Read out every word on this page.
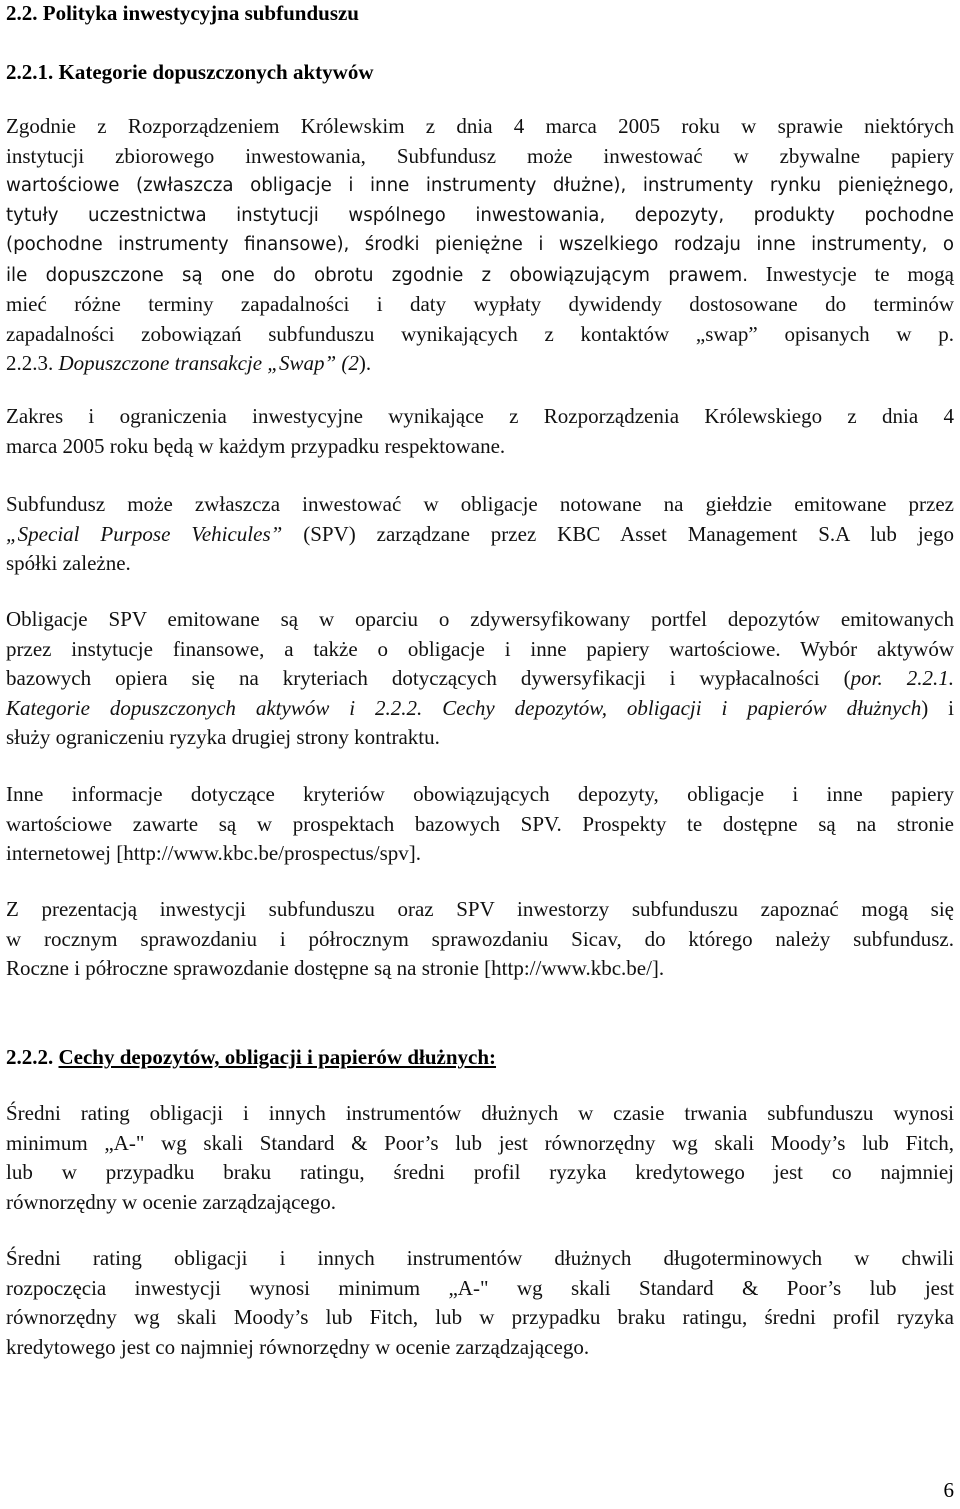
2.2. Polityka inwestycyjna subfunduszu
2.2.1. Kategorie dopuszczonych aktywów
Zgodnie z Rozporządzeniem Królewskim z dnia 4 marca 2005 roku w sprawie niektórych
instytucji zbiorowego inwestowania, Subfundusz może inwestować w zbywalne papiery
wartościowe (zwłaszcza obligacje i inne instrumenty dłużne), instrumenty rynku pieniężnego,
tytuły uczestnictwa instytucji wspólnego inwestowania, depozyty, produkty pochodne
(pochodne instrumenty finansowe), środki pieniężne i wszelkiego rodzaju inne instrumenty, o
ile dopuszczone są one do obrotu zgodnie z obowiązującym prawem. Inwestycje te mogą
mieć różne terminy zapadalności i daty wypłaty dywidendy dostosowane do terminów
zapadalności zobowiązań subfunduszu wynikających z kontaktów „swap” opisanych w p.
2.2.3. Dopuszczone transakcje „Swap” (2).
Zakres i ograniczenia inwestycyjne wynikające z Rozporządzenia Królewskiego z dnia 4
marca 2005 roku będą w każdym przypadku respektowane.
Subfundusz może zwłaszcza inwestować w obligacje notowane na giełdzie emitowane przez
„Special Purpose Vehicules” (SPV) zarządzane przez KBC Asset Management S.A lub jego
spółki zależne.
Obligacje SPV emitowane są w oparciu o zdywersyfikowany portfel depozytów emitowanych
przez instytucje finansowe, a także o obligacje i inne papiery wartościowe. Wybór aktywów
bazowych opiera się na kryteriach dotyczących dywersyfikacji i wypłacalności (por. 2.2.1.
Kategorie dopuszczonych aktywów i 2.2.2. Cechy depozytów, obligacji i papierów dłużnych) i
służy ograniczeniu ryzyka drugiej strony kontraktu.
Inne informacje dotyczące kryteriów obowiązujących depozyty, obligacje i inne papiery
wartościowe zawarte są w prospektach bazowych SPV. Prospekty te dostępne są na stronie
internetowej [http://www.kbc.be/prospectus/spv].
Z prezentacją inwestycji subfunduszu oraz SPV inwestorzy subfunduszu zapoznać mogą się
w rocznym sprawozdaniu i półrocznym sprawozdaniu Sicav, do którego należy subfundusz.
Roczne i półroczne sprawozdanie dostępne są na stronie [http://www.kbc.be/].
2.2.2. Cechy depozytów, obligacji i papierów dłużnych:
Średni rating obligacji i innych instrumentów dłużnych w czasie trwania subfunduszu wynosi
minimum „A-" wg skali Standard & Poor’s lub jest równorzędny wg skali Moody’s lub Fitch,
lub w przypadku braku ratingu, średni profil ryzyka kredytowego jest co najmniej
równorzędny w ocenie zarządzającego.
Średni rating obligacji i innych instrumentów dłużnych długoterminowych w chwili
rozpoczęcia inwestycji wynosi minimum „A-" wg skali Standard & Poor’s lub jest
równorzędny wg skali Moody’s lub Fitch, lub w przypadku braku ratingu, średni profil ryzyka
kredytowego jest co najmniej równorzędny w ocenie zarządzającego.
6
